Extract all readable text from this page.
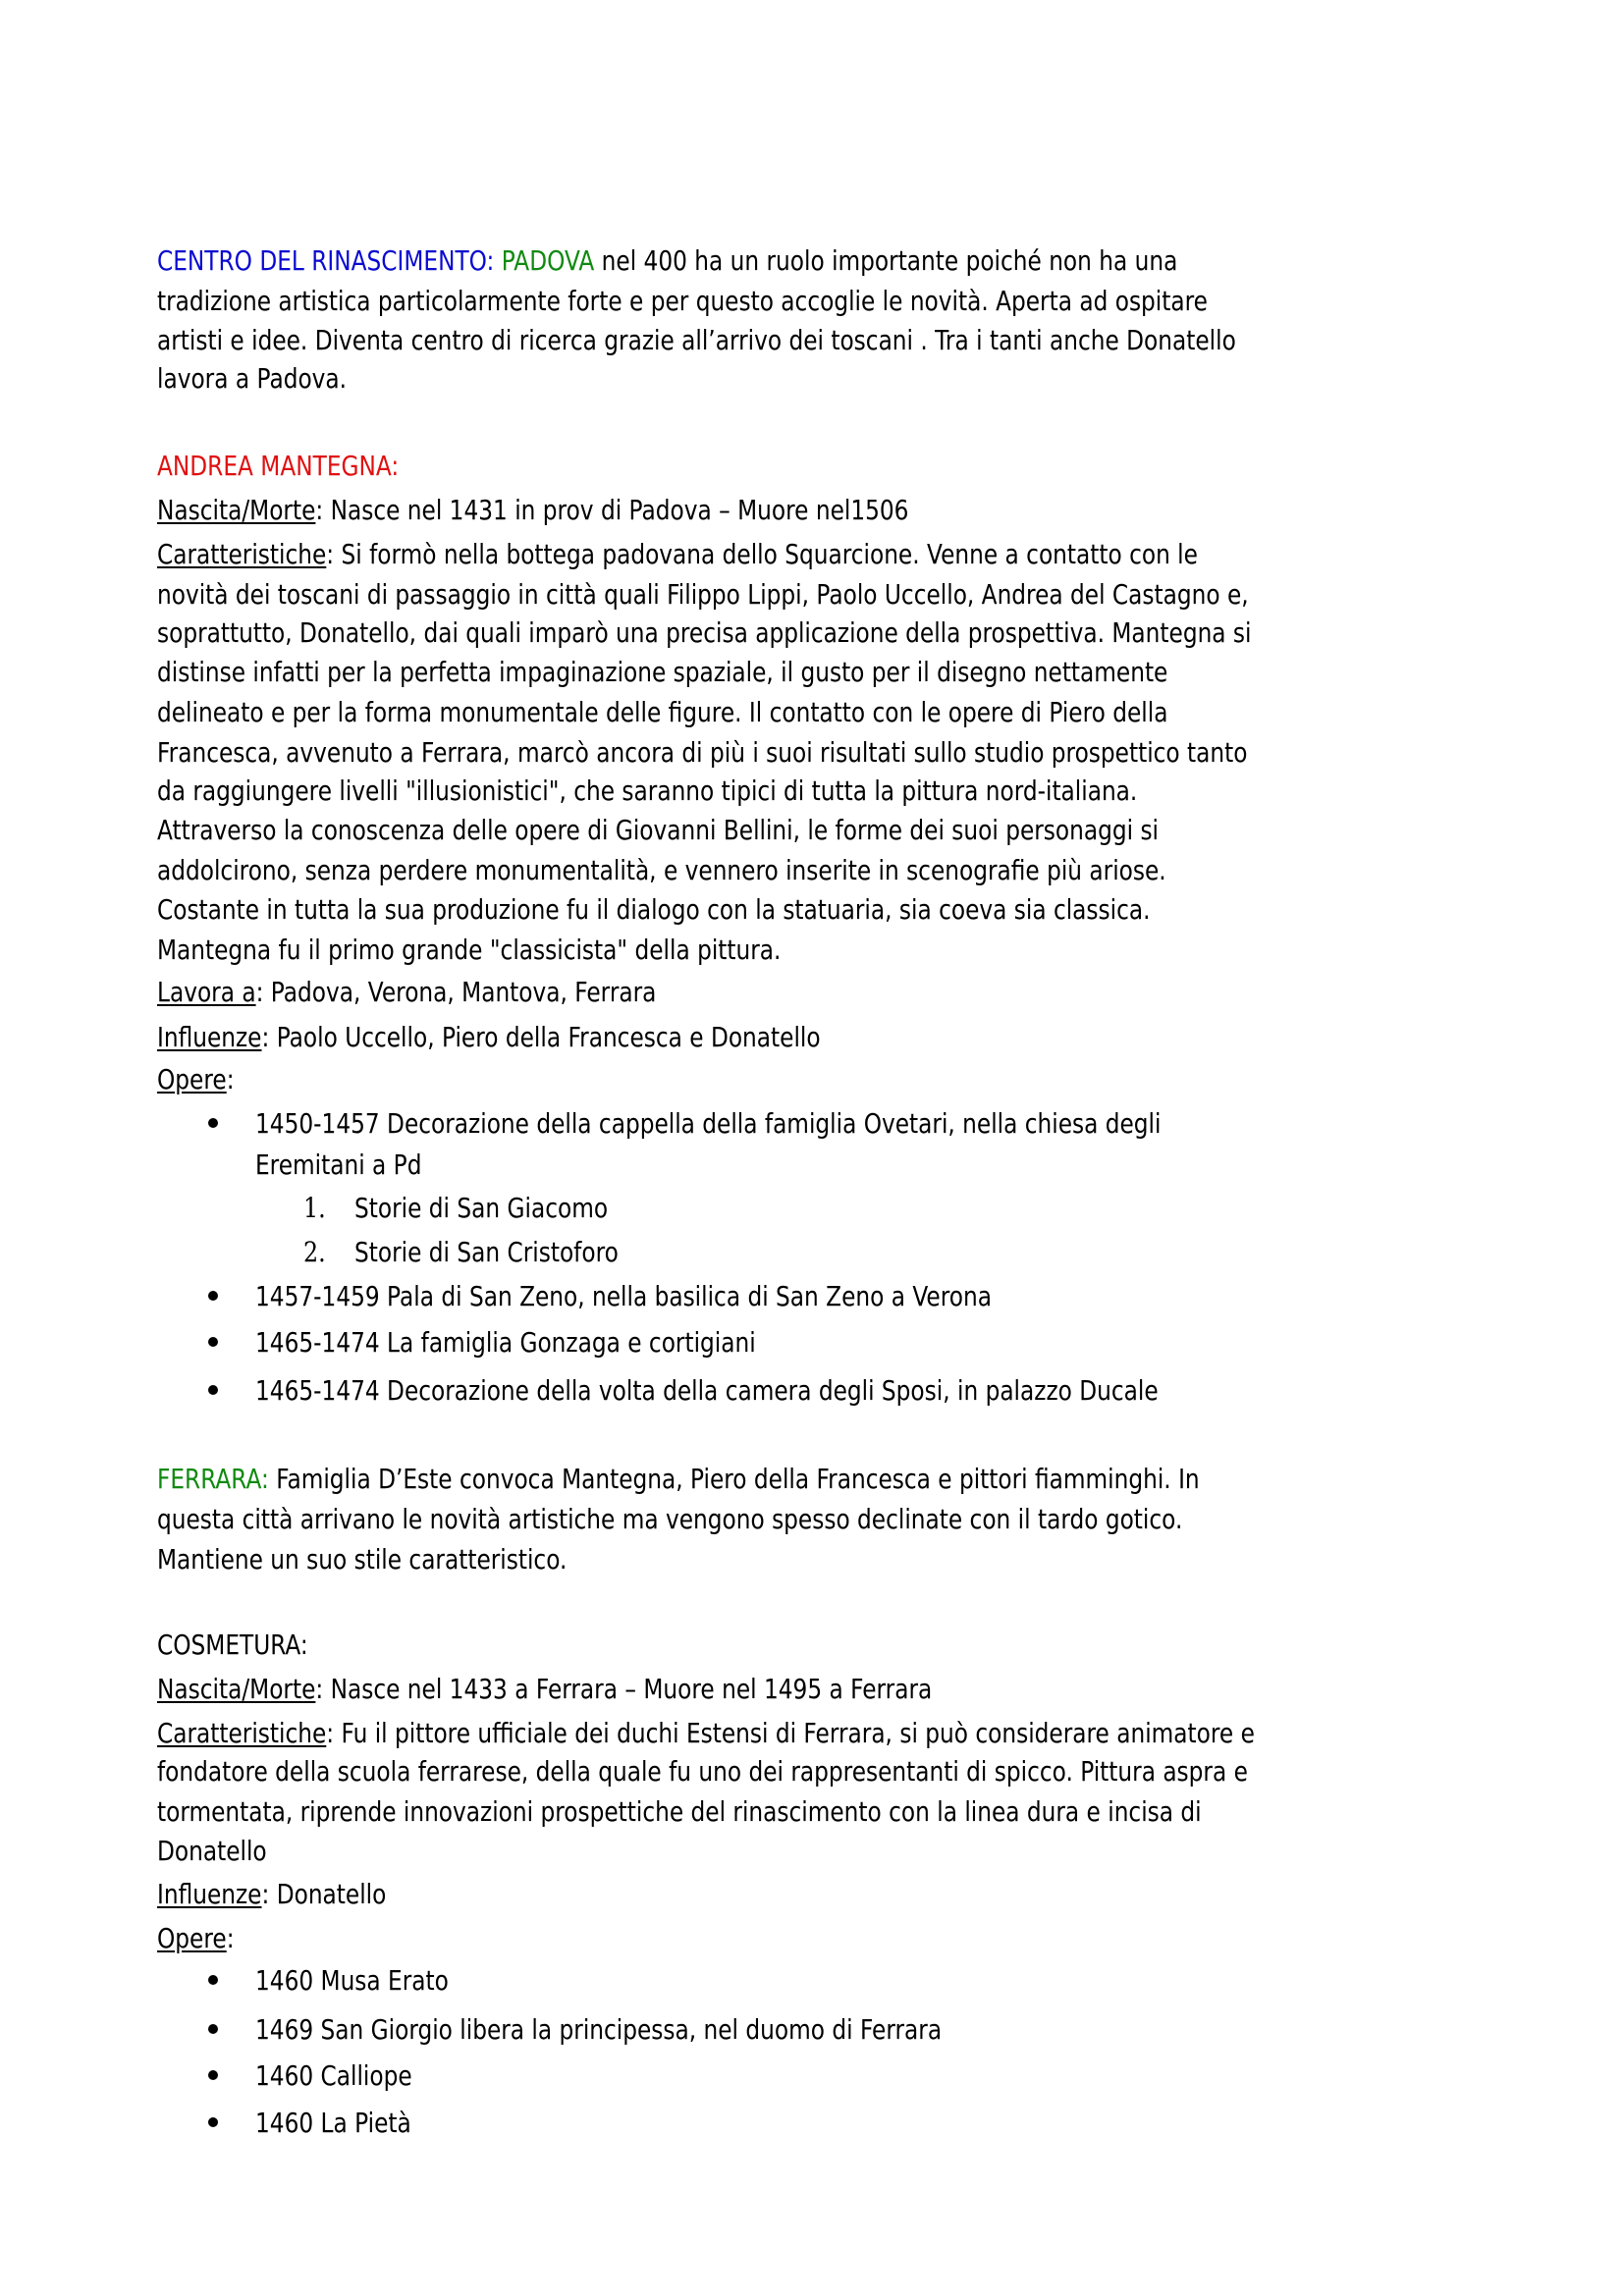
CENTRO DEL RINASCIMENTO: PADOVA nel 400 ha un ruolo importante poiché non ha una
tradizione artistica particolarmente forte e per questo accoglie le novità. Aperta ad ospitare
artisti e idee. Diventa centro di ricerca grazie all’arrivo dei toscani . Tra i tanti anche Donatello
lavora a Padova.
ANDREA MANTEGNA:
Nascita/Morte: Nasce nel 1431 in prov di Padova – Muore nel1506
Caratteristiche: Si formò nella bottega padovana dello Squarcione. Venne a contatto con le
novità dei toscani di passaggio in città quali Filippo Lippi, Paolo Uccello, Andrea del Castagno e,
soprattutto, Donatello, dai quali imparò una precisa applicazione della prospettiva. Mantegna si
distinse infatti per la perfetta impaginazione spaziale, il gusto per il disegno nettamente
delineato e per la forma monumentale delle figure. Il contatto con le opere di Piero della
Francesca, avvenuto a Ferrara, marcò ancora di più i suoi risultati sullo studio prospettico tanto
da raggiungere livelli "illusionistici", che saranno tipici di tutta la pittura nord-italiana.
Attraverso la conoscenza delle opere di Giovanni Bellini, le forme dei suoi personaggi si
addolcirono, senza perdere monumentalità, e vennero inserite in scenografie più ariose.
Costante in tutta la sua produzione fu il dialogo con la statuaria, sia coeva sia classica.
Mantegna fu il primo grande "classicista" della pittura.
Lavora a: Padova, Verona, Mantova, Ferrara
Influenze: Paolo Uccello, Piero della Francesca e Donatello
Opere:
1450-1457 Decorazione della cappella della famiglia Ovetari, nella chiesa degli
Eremitani a Pd
1. Storie di San Giacomo
2. Storie di San Cristoforo
1457-1459 Pala di San Zeno, nella basilica di San Zeno a Verona
1465-1474 La famiglia Gonzaga e cortigiani
1465-1474 Decorazione della volta della camera degli Sposi, in palazzo Ducale
FERRARA: Famiglia D’Este convoca Mantegna, Piero della Francesca e pittori fiamminghi. In
questa città arrivano le novità artistiche ma vengono spesso declinate con il tardo gotico.
Mantiene un suo stile caratteristico.
COSMETURA:
Nascita/Morte: Nasce nel 1433 a Ferrara – Muore nel 1495 a Ferrara
Caratteristiche: Fu il pittore ufficiale dei duchi Estensi di Ferrara, si può considerare animatore e
fondatore della scuola ferrarese, della quale fu uno dei rappresentanti di spicco. Pittura aspra e
tormentata, riprende innovazioni prospettiche del rinascimento con la linea dura e incisa di
Donatello
Influenze: Donatello
Opere:
1460 Musa Erato
1469 San Giorgio libera la principessa, nel duomo di Ferrara
1460 Calliope
1460 La Pietà
